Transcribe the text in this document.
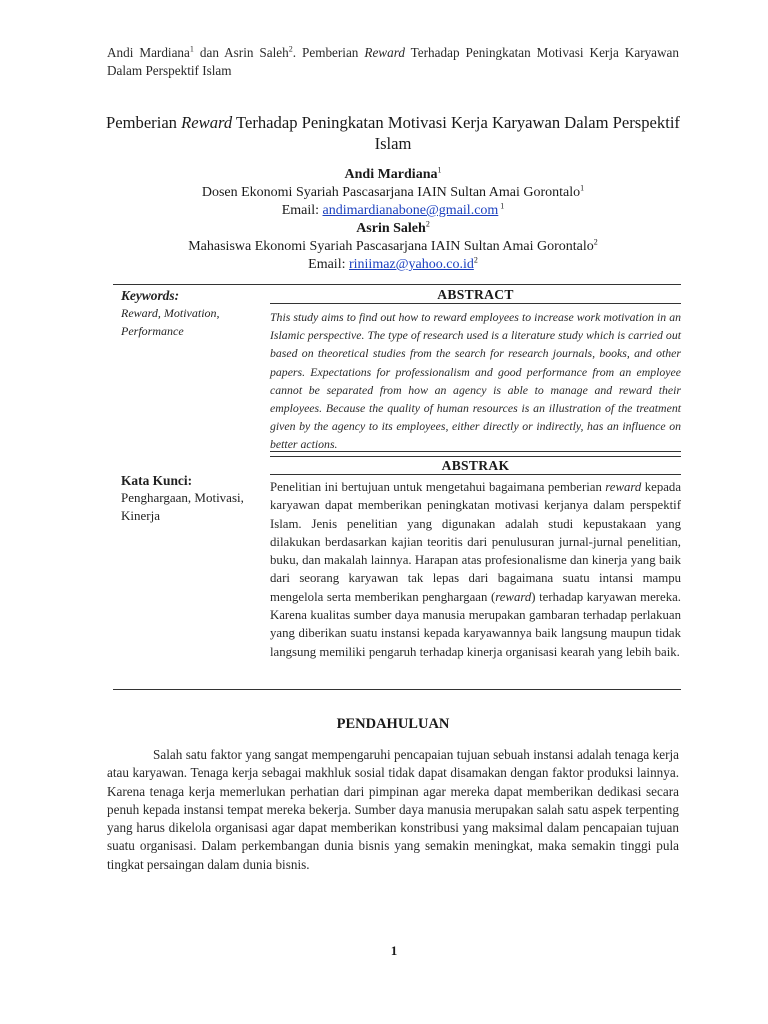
Andi Mardiana$^1$ dan Asrin Saleh$^2$. Pemberian Reward Terhadap Peningkatan Motivasi Kerja Karyawan Dalam Perspektif Islam

Pemberian Reward Terhadap Peningkatan Motivasi Kerja Karyawan Dalam Perspektif Islam
Andi Mardiana$^1$
Dosen Ekonomi Syariah Pascasarjana IAIN Sultan Amai Gorontalo$^1$
Email: andimardianabone@gmail.com $^1$
Asrin Saleh$^2$
Mahasiswa Ekonomi Syariah Pascasarjana IAIN Sultan Amai Gorontalo$^2$
Email: $riniimaz@yahoo.co.id^2$
Keywords:
Reward, Motivation, Performance
ABSTRACT
This study aims to find out how to reward employees to increase work motivation in an Islamic perspective. The type of research used is a literature study which is carried out based on theoretical studies from the search for research journals, books, and other papers. Expectations for professionalism and good performance from an employee cannot be separated from how an agency is able to manage and reward their employees. Because the quality of human resources is an illustration of the treatment given by the agency to its employees, either directly or indirectly, has an influence on better actions.
Kata Kunci:
Penghargaan, Motivasi, Kinerja
ABSTRAK
Penelitian ini bertujuan untuk mengetahui bagaimana pemberian reward kepada karyawan dapat memberikan peningkatan motivasi kerjanya dalam perspektif Islam. Jenis penelitian yang digunakan adalah studi kepustakaan yang dilakukan berdasarkan kajian teoritis dari penulusuran jurnal-jurnal penelitian, buku, dan makalah lainnya. Harapan atas profesionalisme dan kinerja yang baik dari seorang karyawan tak lepas dari bagaimana suatu intansi mampu mengelola serta memberikan penghargaan (reward) terhadap karyawan mereka. Karena kualitas sumber daya manusia merupakan gambaran terhadap perlakuan yang diberikan suatu instansi kepada karyawannya baik langsung maupun tidak langsung memiliki pengaruh terhadap kinerja organisasi kearah yang lebih baik.
PENDAHULUAN
Salah satu faktor yang sangat mempengaruhi pencapaian tujuan sebuah instansi adalah tenaga kerja atau karyawan. Tenaga kerja sebagai makhluk sosial tidak dapat disamakan dengan faktor produksi lainnya. Karena tenaga kerja memerlukan perhatian dari pimpinan agar mereka dapat memberikan dedikasi secara penuh kepada instansi tempat mereka bekerja. Sumber daya manusia merupakan salah satu aspek terpenting yang harus dikelola organisasi agar dapat memberikan konstribusi yang maksimal dalam pencapaian tujuan suatu organisasi. Dalam perkembangan dunia bisnis yang semakin meningkat, maka semakin tinggi pula tingkat persaingan dalam dunia bisnis.
1
